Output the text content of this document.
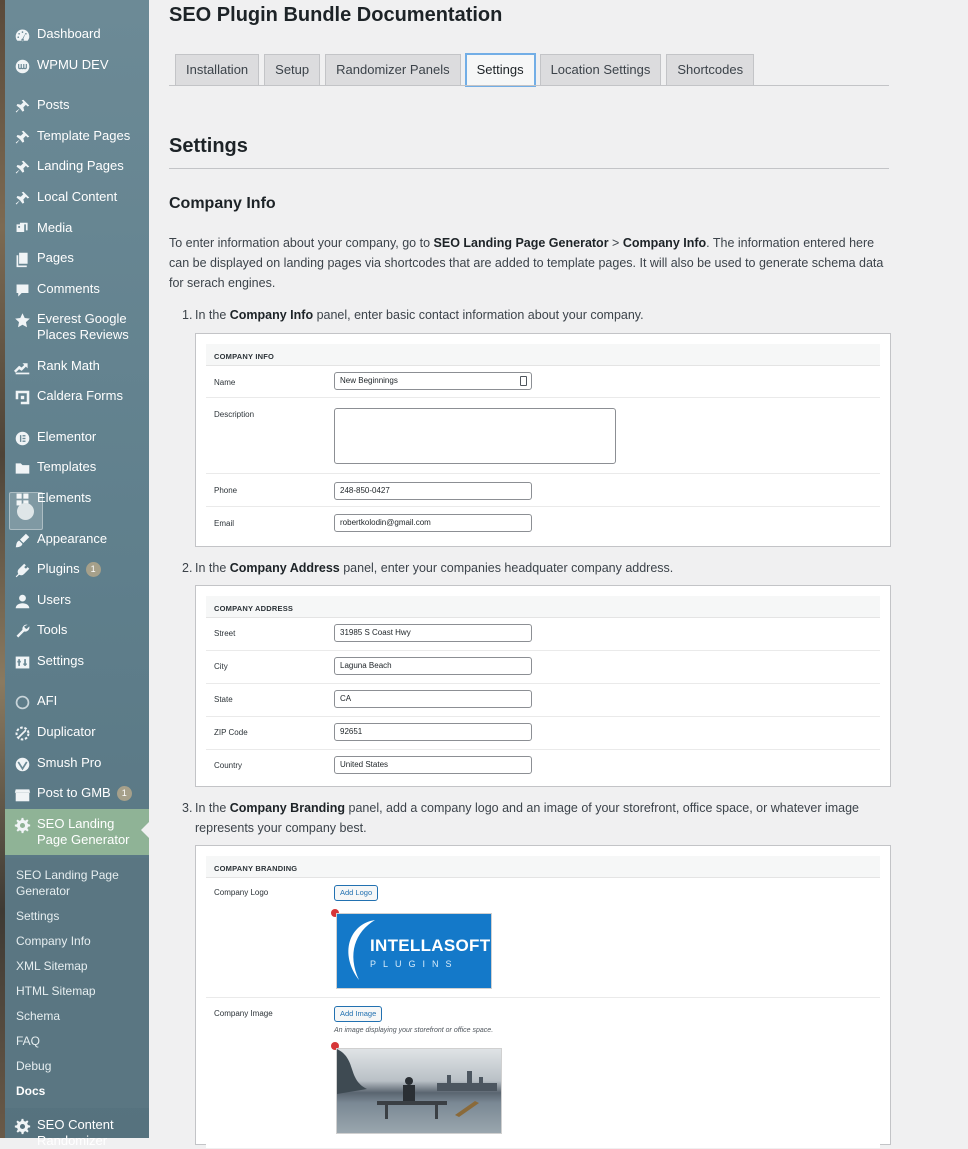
Dashboard
WPMU DEV
Posts
Template Pages
Landing Pages
Local Content
Media
Pages
Comments
Everest Google Places Reviews
Rank Math
Caldera Forms
Elementor
Templates
Elements
Appearance
Plugins 1
Users
Tools
Settings
AFI
Duplicator
Smush Pro
Post to GMB 1
SEO Landing Page Generator
SEO Landing Page Generator
Settings
Company Info
XML Sitemap
HTML Sitemap
Schema
FAQ
Debug
Docs
SEO Content Randomizer
SEO Plugin Bundle Documentation
Installation	Setup	Randomizer Panels	Settings	Location Settings	Shortcodes
Settings
Company Info

To enter information about your company, go to SEO Landing Page Generator > Company Info. The information entered here can be displayed on landing pages via shortcodes that are added to template pages. It will also be used to generate schema data for serach engines.

1. In the Company Info panel, enter basic contact information about your company.
COMPANY INFO
Name	New Beginnings
Description
Phone	248-850-0427
Email	robertkolodin@gmail.com
2. In the Company Address panel, enter your companies headquater company address.
COMPANY ADDRESS
Street	31985 S Coast Hwy
City	Laguna Beach
State	CA
ZIP Code	92651
Country	United States
3. In the Company Branding panel, add a company logo and an image of your storefront, office space, or whatever image represents your company best.
COMPANY BRANDING
Company Logo	Add Logo
INTELLASOFT
PLUGINS
Company Image	Add Image
An image displaying your storefront or office space.
